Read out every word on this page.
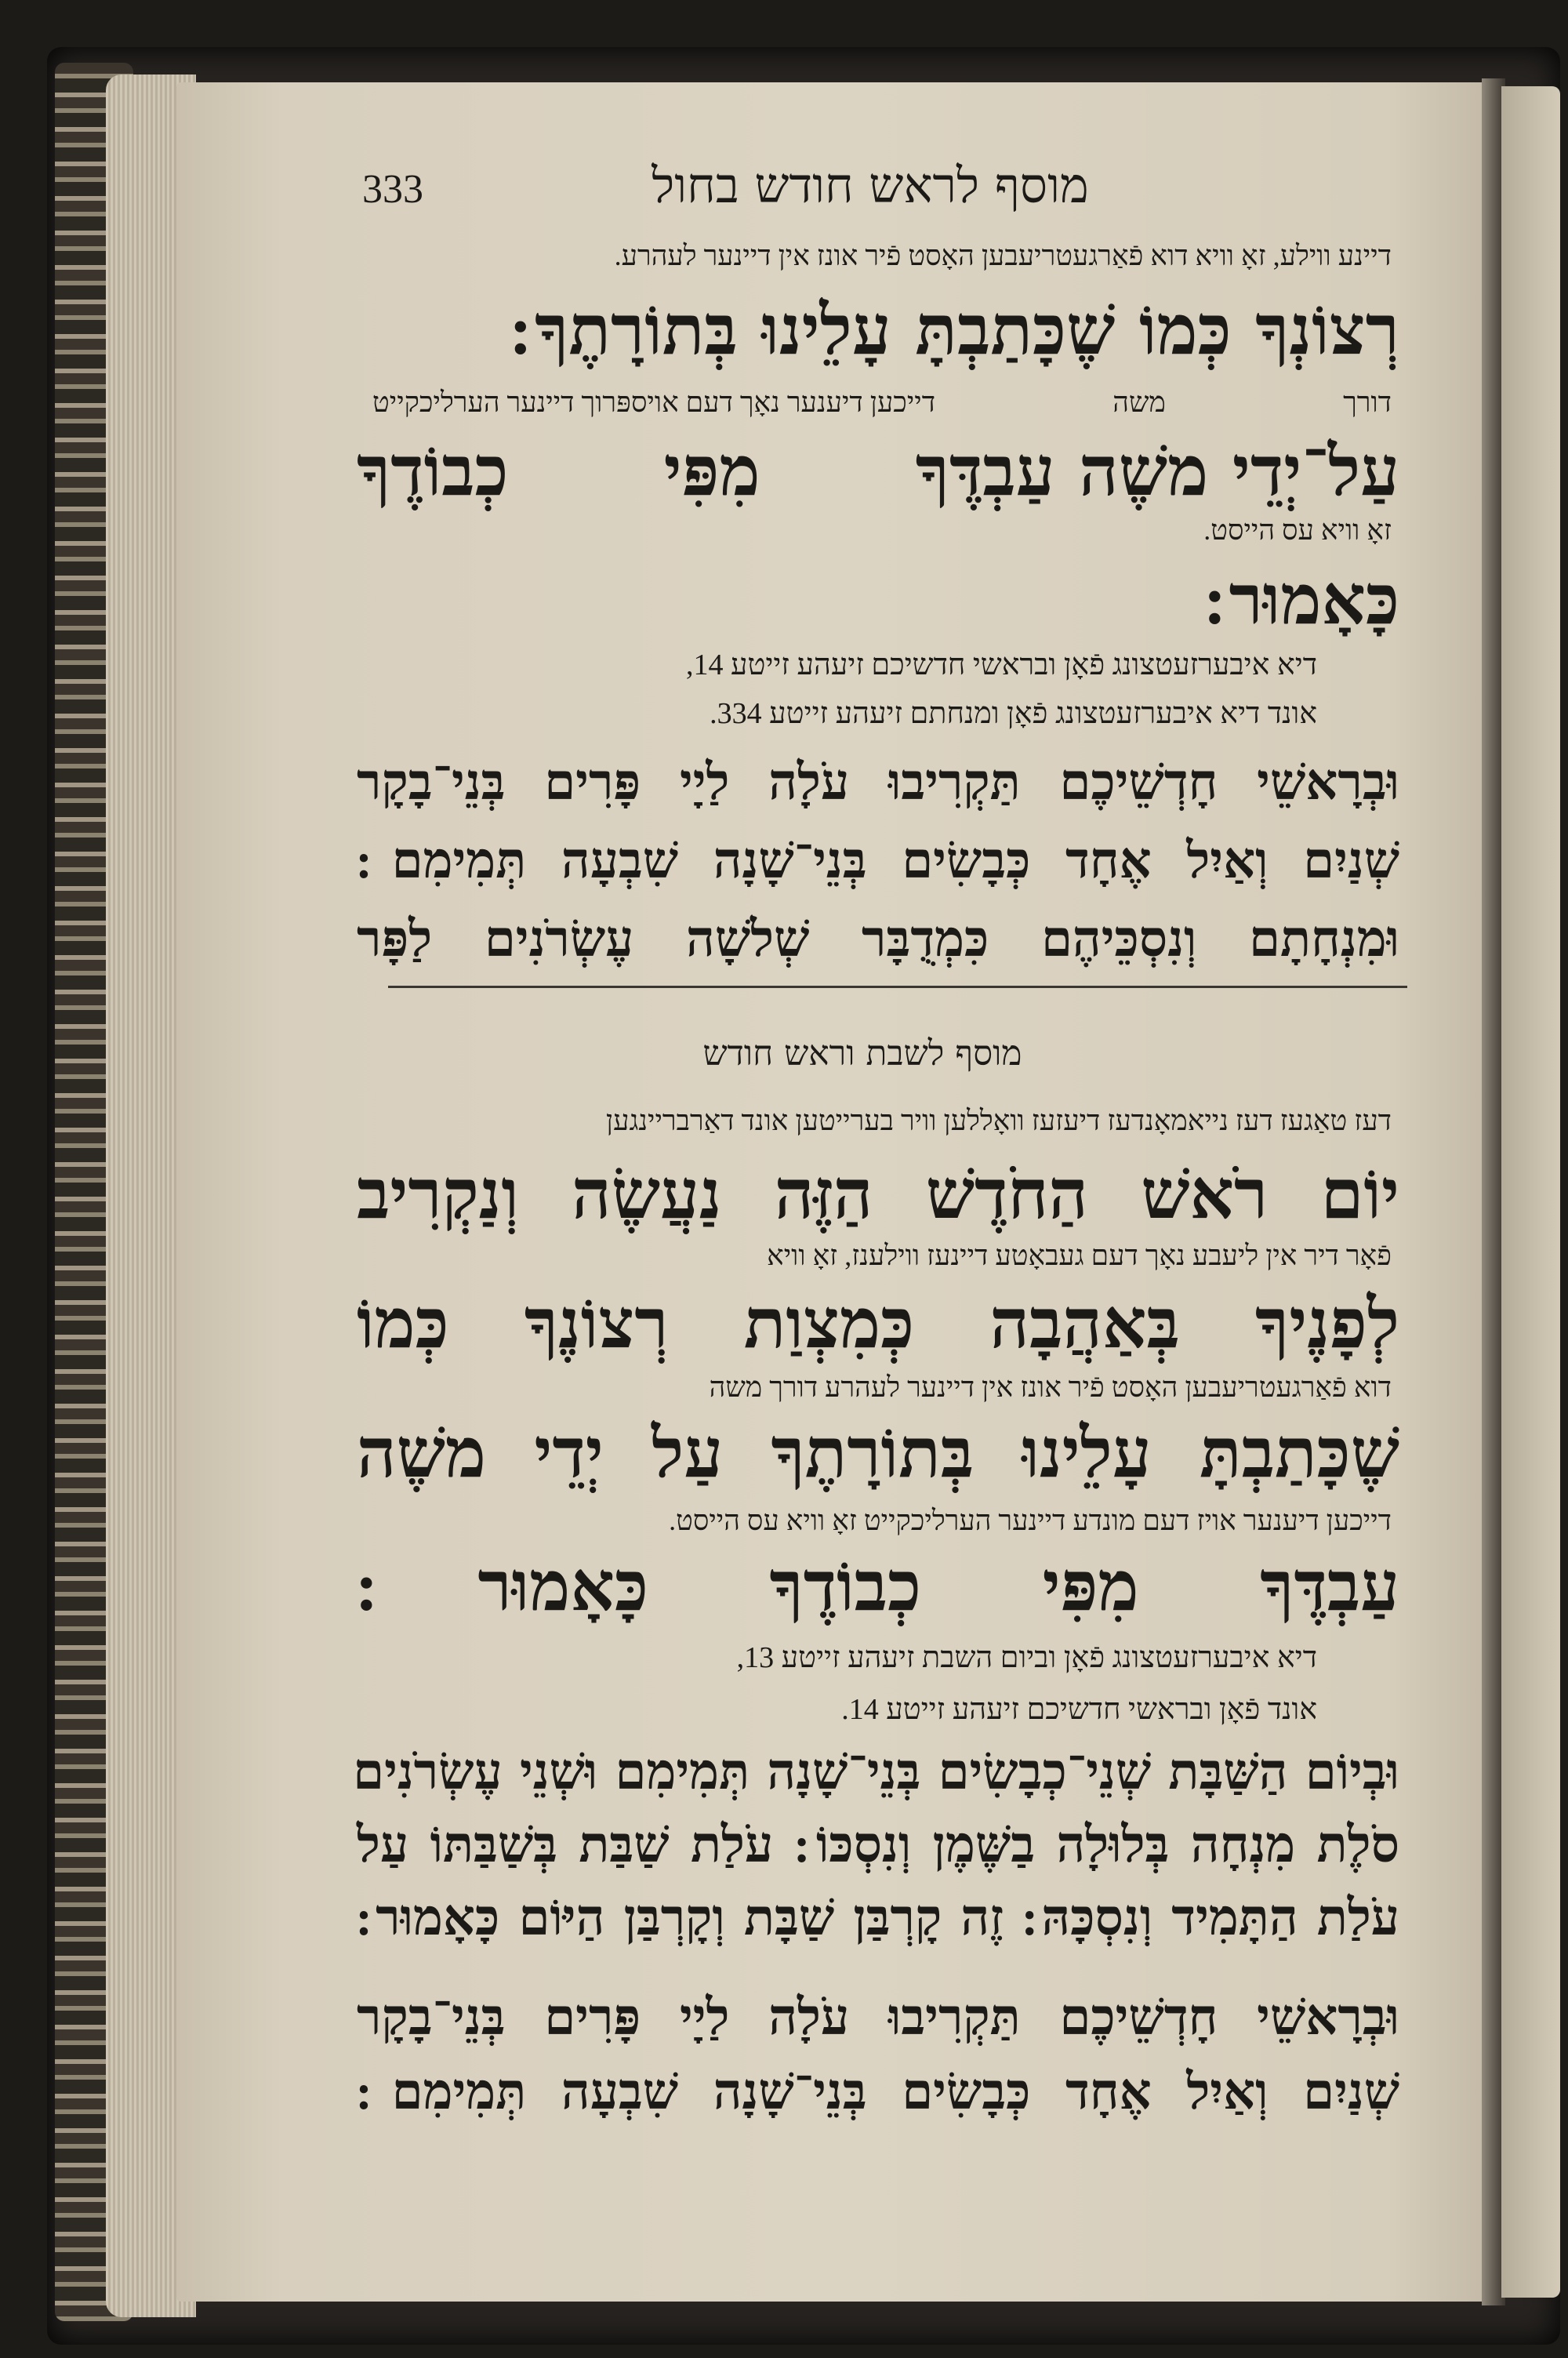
333	מוסף לראש חודש בחול
דיינע ווילע, זאָ וויא דוא פֿאַרגעטריעבען האָסט פֿיר אונז אין דיינער לעהרע.
רְצוֹנְךָ כְּמוֹ שֶׁכָּתַבְתָּ עָלֵינוּ בְּתוֹרָתֶךָ ׃
דורך
משה
דייכען דיענער נאָך דעם אויספּרוך דיינער הערליכקייט
עַל־יְדֵי משֶׁה עַבְדֶּךָ
מִפִּי
כְבוֹדֶךָ
זאָ וויא עס הייסט.
כָּאָמוּר ׃
דיא איבערזעטצונג פֿאָן ובראשי חדשיכם זיעהע זייטע 14,
אונד דיא איבערזעטצונג פֿאָן ומנחתם זיעהע זייטע 334.
וּבְרָאשֵׁי חָדְשֵׁיכֶם תַּקְרִיבוּ עֹלָה לַיָי פָּרִים בְּנֵי־בָקָר
שְׁנַיִם וְאַיִל אֶחָד כְּבָשִׂים בְּנֵי־שָׁנָה שִׁבְעָה תְּמִימִם ׃
וּמִנְחָתָם וְנִסְכֵּיהֶם כִּמְדֻבָּר שְׁלשָׁה עֶשְׂרֹנִים לַפָּר
מוסף לשבת וראש חודש
דעז טאַגעז דעז נייאמאָנדעז דיעזעז וואָללען וויר בערייטען אונד דאַרבריינגען
יוֹם רֹאשׁ הַחֹדֶשׁ הַזֶּה נַעֲשֶׂה וְנַקְרִיב
פֿאָר דיר אין ליעבע נאָך דעם געבאָטע דיינעז ווילענז, זאָ וויא
לְפָנֶיךָ בְּאַהֲבָה כְּמִצְוַת רְצוֹנֶךָ כְּמוֹ
דוא פֿאַרגעטריעבען האָסט פֿיר אונז אין דיינער לעהרע דורך משה
שֶׁכָּתַבְתָּ עָלֵינוּ בְּתוֹרָתֶךָ עַל יְדֵי משֶׁה
דייכען דיענער אויז דעם מונדע דיינער הערליכקייט זאָ וויא עס הייסט.
עַבְדֶּךָ מִפִּי כְבוֹדֶךָ כָּאָמוּר ׃
דיא איבערזעטצונג פֿאָן וביום השבת זיעהע זייטע 13,
אונד פֿאָן ובראשי חדשיכם זיעהע זייטע 14.
וּבְיוֹם הַשַּׁבָּת שְׁנֵי־כְבָשִׂים בְּנֵי־שָׁנָה תְּמִימִם וּשְׁנֵי עֶשְׂרֹנִים
סֹלֶת מִנְחָה בְּלוּלָה בַשֶּׁמֶן וְנִסְכּוֹ ׃ עֹלַת שַׁבַּת בְּשַׁבַּתּוֹ עַל
עֹלַת הַתָּמִיד וְנִסְכָּהּ ׃ זֶה קָרְבַּן שַׁבָּת וְקָרְבַּן הַיּוֹם כָּאָמוּר ׃
וּבְרָאשֵׁי חָדְשֵׁיכֶם תַּקְרִיבוּ עֹלָה לַיָי פָּרִים בְּנֵי־בָקָר
שְׁנַיִם וְאַיִל אֶחָד כְּבָשִׂים בְּנֵי־שָׁנָה שִׁבְעָה תְּמִימִם ׃
